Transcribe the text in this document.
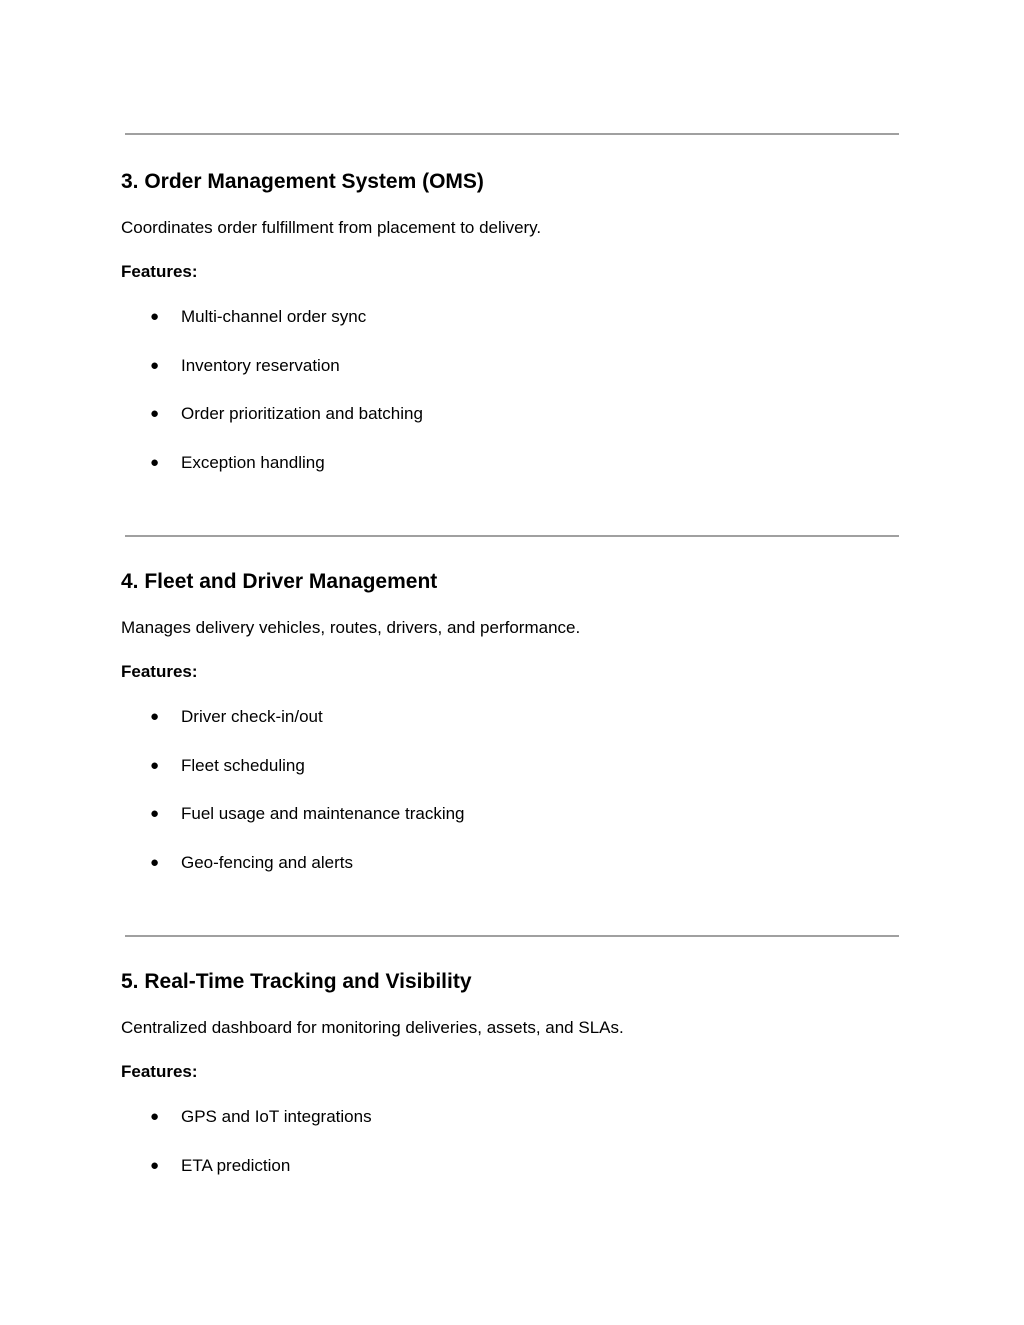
3. Order Management System (OMS)

Coordinates order fulfillment from placement to delivery.

Features:

● Multi-channel order sync
● Inventory reservation
● Order prioritization and batching
● Exception handling
4. Fleet and Driver Management

Manages delivery vehicles, routes, drivers, and performance.

Features:

● Driver check-in/out
● Fleet scheduling
● Fuel usage and maintenance tracking
● Geo-fencing and alerts
5. Real-Time Tracking and Visibility

Centralized dashboard for monitoring deliveries, assets, and SLAs.

Features:

● GPS and IoT integrations
● ETA prediction
